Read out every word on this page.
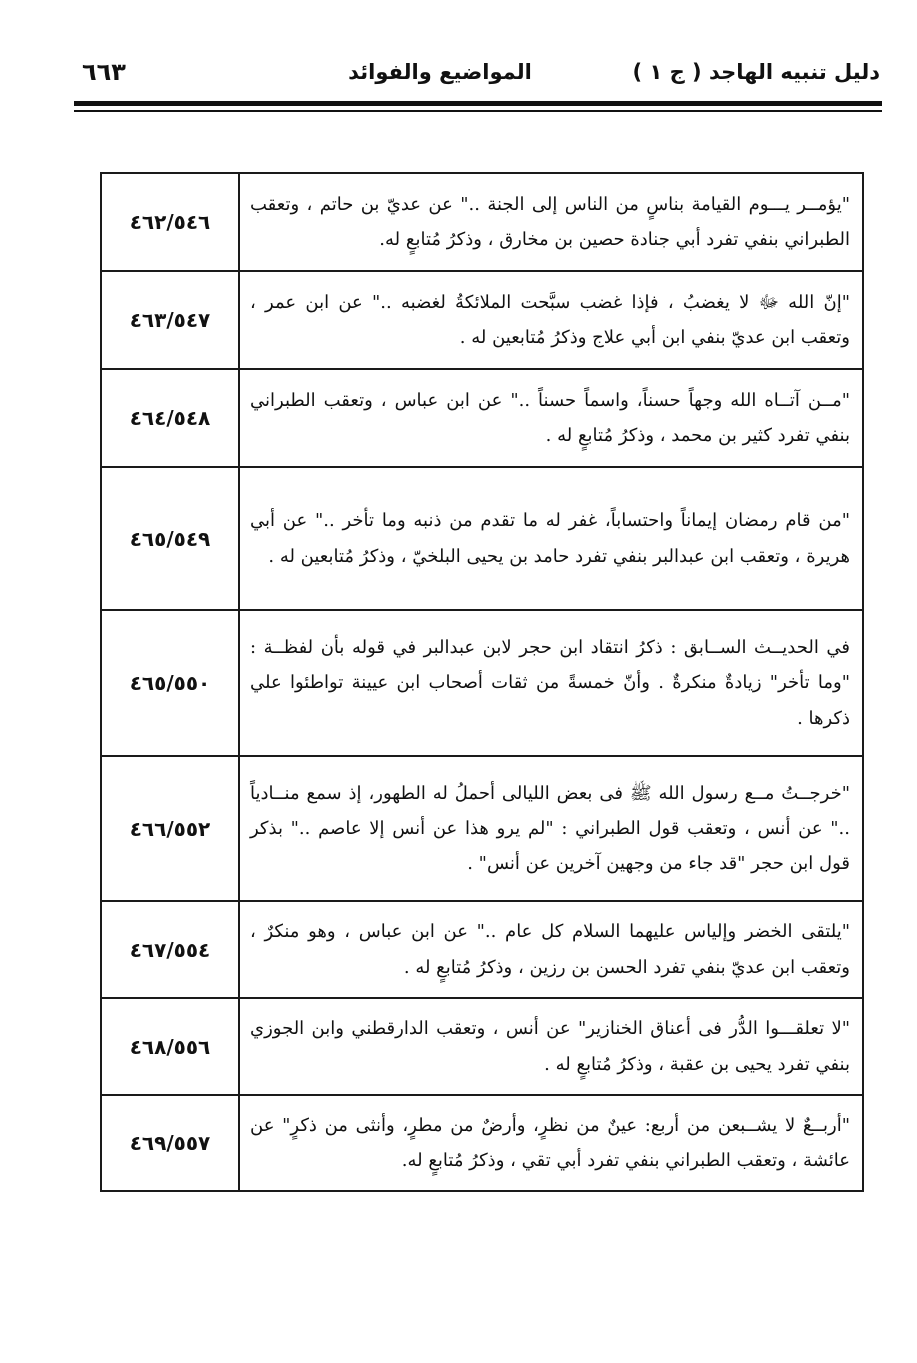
دليل تنبيه الهاجد ( ج ١ )
المواضيع والفوائد
٦٦٣
"يؤمــر يـــوم القيامة بناسٍ من الناس إلى الجنة .." عن عديّ بن حاتم ، وتعقب الطبراني بنفي تفرد أبي جنادة حصين بن مخارق ، وذكرُ مُتابعٍ له.	٤٦٢/٥٤٦
"إنّ الله ﷻ لا يغضبُ ، فإذا غضب سبَّحت الملائكةُ لغضبه .." عن ابن عمر ، وتعقب ابن عديّ بنفي ابن أبي علاج وذكرُ مُتابعين له .	٤٦٣/٥٤٧
"مــن آتــاه الله وجهاً حسناً، واسماً حسناً .." عن ابن عباس ، وتعقب الطبراني بنفي تفرد كثير بن محمد ، وذكرُ مُتابعٍ له .	٤٦٤/٥٤٨
"من قام رمضان إيماناً واحتساباً، غفر له ما تقدم من ذنبه وما تأخر .." عن أبي هريرة ، وتعقب ابن عبدالبر بنفي تفرد حامد بن يحيى البلخيّ ، وذكرُ مُتابعين له .	٤٦٥/٥٤٩
في الحديــث الســابق : ذكرُ انتقاد ابن حجر لابن عبدالبر في قوله بأن لفظــة : "وما تأخر" زيادةٌ منكرةٌ . وأنّ خمسةً من ثقات أصحاب ابن عيينة تواطئوا علي ذكرها .	٤٦٥/٥٥٠
"خرجــتُ مــع رسول الله ﷺ فى بعض الليالى أحملُ له الطهور، إذ سمع منــادياً .." عن أنس ، وتعقب قول الطبراني : "لم يرو هذا عن أنس إلا عاصم .." بذكر قول ابن حجر "قد جاء من وجهين آخرين عن أنس" .	٤٦٦/٥٥٢
"يلتقى الخضر وإلياس عليهما السلام كل عام .." عن ابن عباس ، وهو منكرٌ ، وتعقب ابن عديّ بنفي تفرد الحسن بن رزين ، وذكرُ مُتابعٍ له .	٤٦٧/٥٥٤
"لا تعلقـــوا الدُّر فى أعناق الخنازير" عن أنس ، وتعقب الدارقطني وابن الجوزي بنفي تفرد يحيى بن عقبة ، وذكرُ مُتابعٍ له .	٤٦٨/٥٥٦
"أربــعٌ لا يشــبعن من أربع: عينٌ من نظرٍ، وأرضٌ من مطرٍ، وأنثى من ذكرٍ" عن عائشة ، وتعقب الطبراني بنفي تفرد أبي تقي ، وذكرُ مُتابعٍ له.	٤٦٩/٥٥٧
